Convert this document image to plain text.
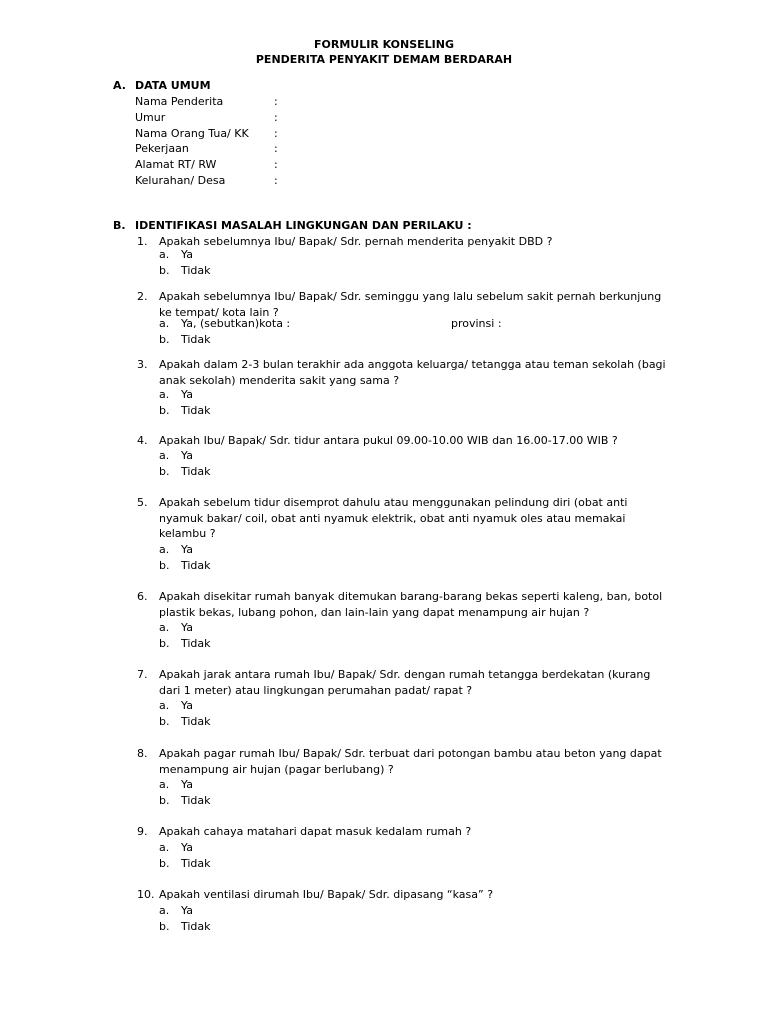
FORMULIR KONSELING
PENDERITA PENYAKIT DEMAM BERDARAH
A. DATA UMUM
Nama Penderita	:
Umur	:
Nama Orang Tua/ KK :
Pekerjaan	:
Alamat RT/ RW	:
Kelurahan/ Desa	:
B. IDENTIFIKASI MASALAH LINGKUNGAN DAN PERILAKU :
1. Apakah sebelumnya Ibu/ Bapak/ Sdr. pernah menderita penyakit DBD ?
a. Ya
b. Tidak
2. Apakah sebelumnya Ibu/ Bapak/ Sdr. seminggu yang lalu sebelum sakit pernah berkunjung ke tempat/ kota lain ?
a. Ya, (sebutkan)kota :	provinsi :
b. Tidak
3. Apakah dalam 2-3 bulan terakhir ada anggota keluarga/ tetangga atau teman sekolah (bagi anak sekolah) menderita sakit yang sama ?
a. Ya
b. Tidak
4. Apakah Ibu/ Bapak/ Sdr. tidur antara pukul 09.00-10.00 WIB dan 16.00-17.00 WIB ?
a. Ya
b. Tidak
5. Apakah sebelum tidur disemprot dahulu atau menggunakan pelindung diri (obat anti nyamuk bakar/ coil, obat anti nyamuk elektrik, obat anti nyamuk oles atau memakai kelambu ?
a. Ya
b. Tidak
6. Apakah disekitar rumah banyak ditemukan barang-barang bekas seperti kaleng, ban, botol plastik bekas, lubang pohon, dan lain-lain yang dapat menampung air hujan ?
a. Ya
b. Tidak
7. Apakah jarak antara rumah Ibu/ Bapak/ Sdr. dengan rumah tetangga berdekatan (kurang dari 1 meter) atau lingkungan perumahan padat/ rapat ?
a. Ya
b. Tidak
8. Apakah pagar rumah Ibu/ Bapak/ Sdr. terbuat dari potongan bambu atau beton yang dapat menampung air hujan (pagar berlubang) ?
a. Ya
b. Tidak
9. Apakah cahaya matahari dapat masuk kedalam rumah ?
a. Ya
b. Tidak
10. Apakah ventilasi dirumah Ibu/ Bapak/ Sdr. dipasang “kasa” ?
a. Ya
b. Tidak
